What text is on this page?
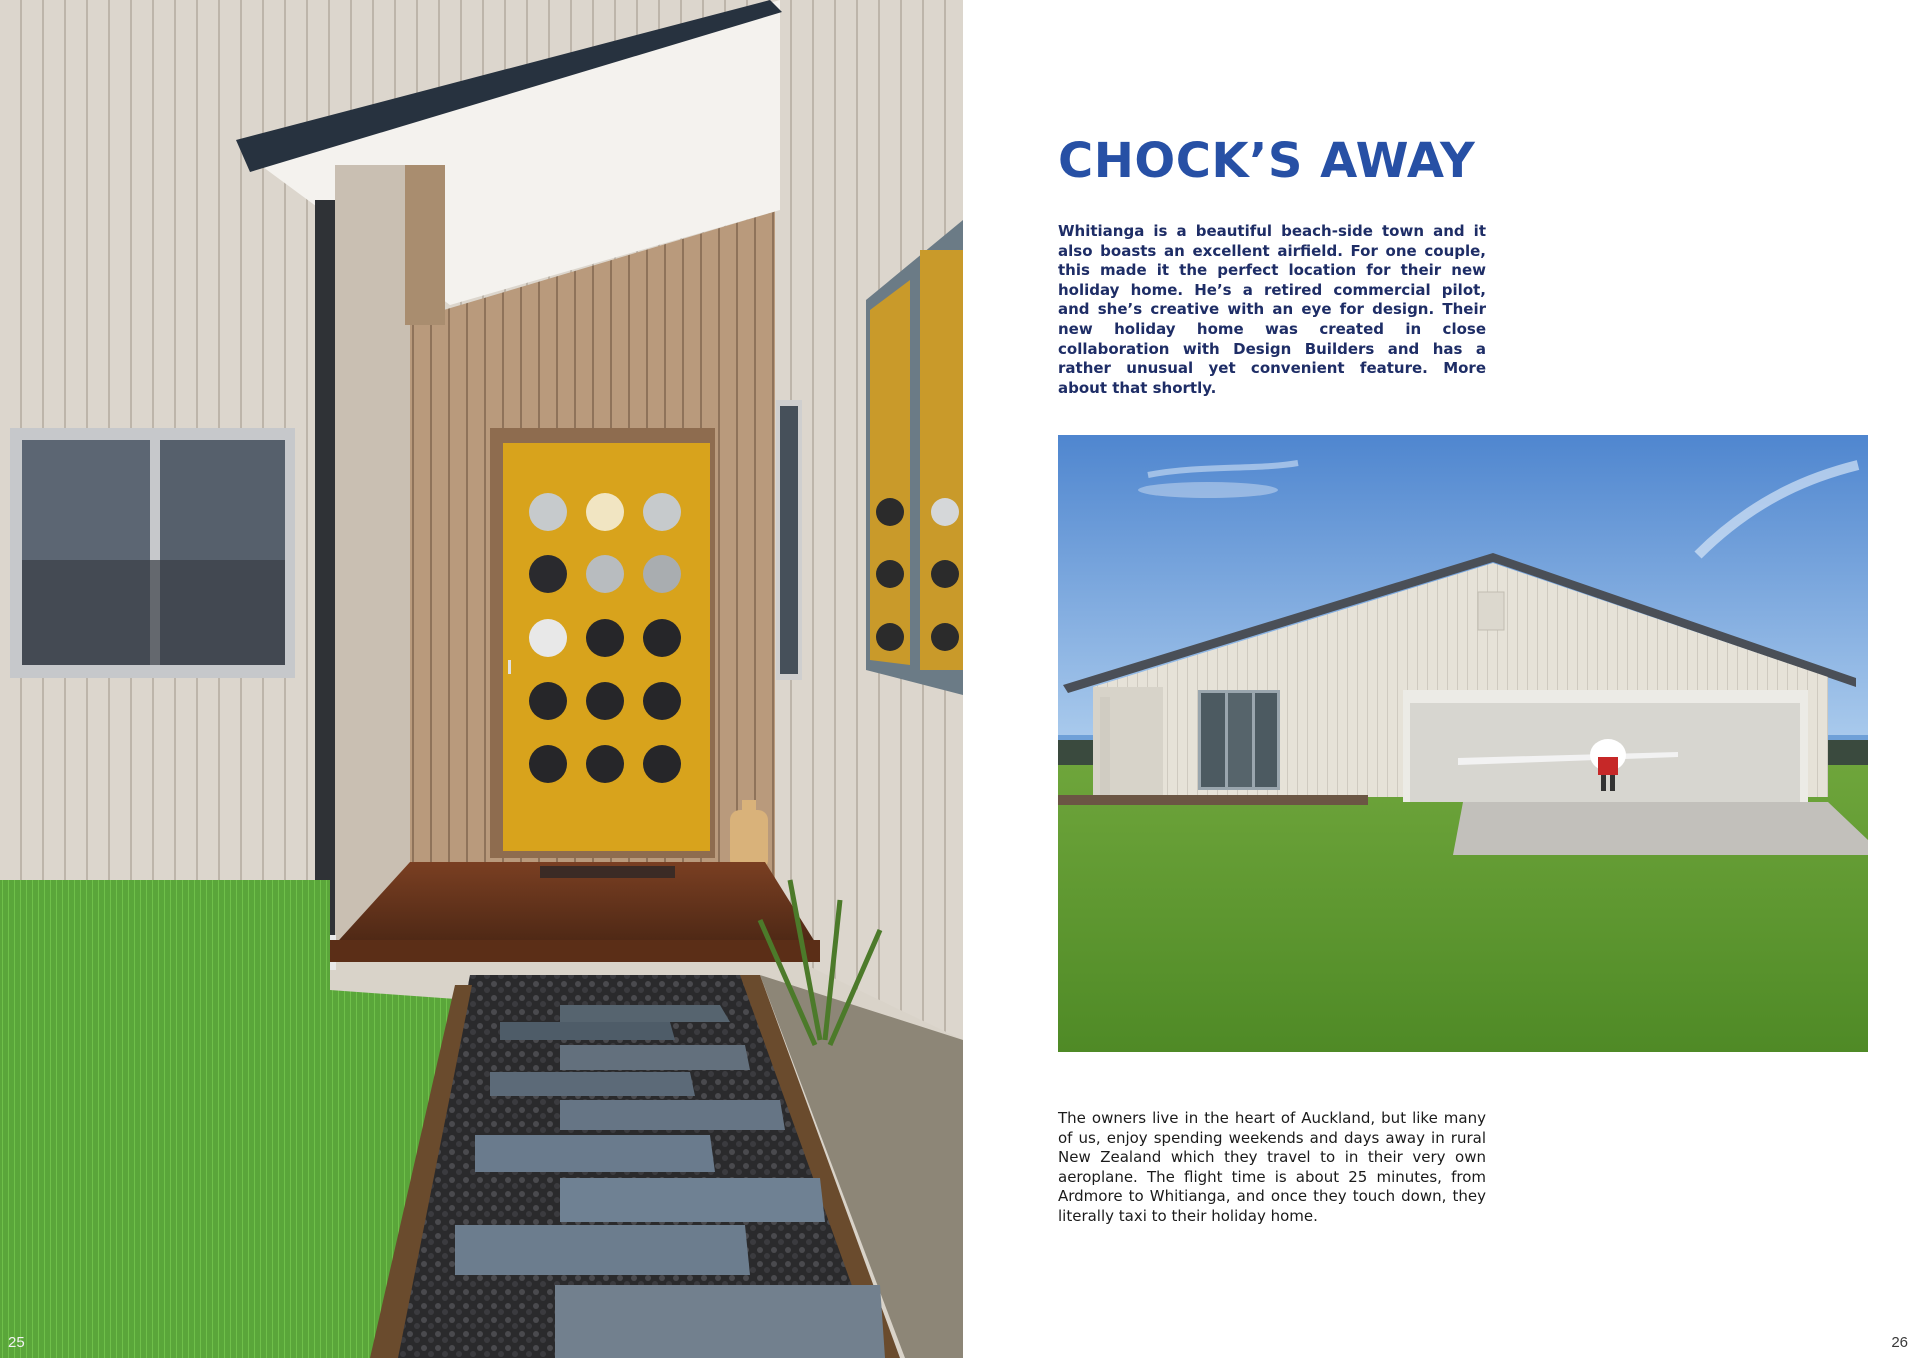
25
CHOCK’S AWAY

Whitianga is a beautiful beach-side town and it also boasts an excellent airfield. For one couple, this made it the perfect location for their new holiday home. He’s a retired commercial pilot, and she’s creative with an eye for design. Their new holiday home was created in close collaboration with Design Builders and has a rather unusual yet convenient feature. More about that shortly.

The owners live in the heart of Auckland, but like many of us, enjoy spending weekends and days away in rural New Zealand which they travel to in their very own aeroplane. The flight time is about 25 minutes, from Ardmore to Whitianga, and once they touch down, they literally taxi to their holiday home.

26
